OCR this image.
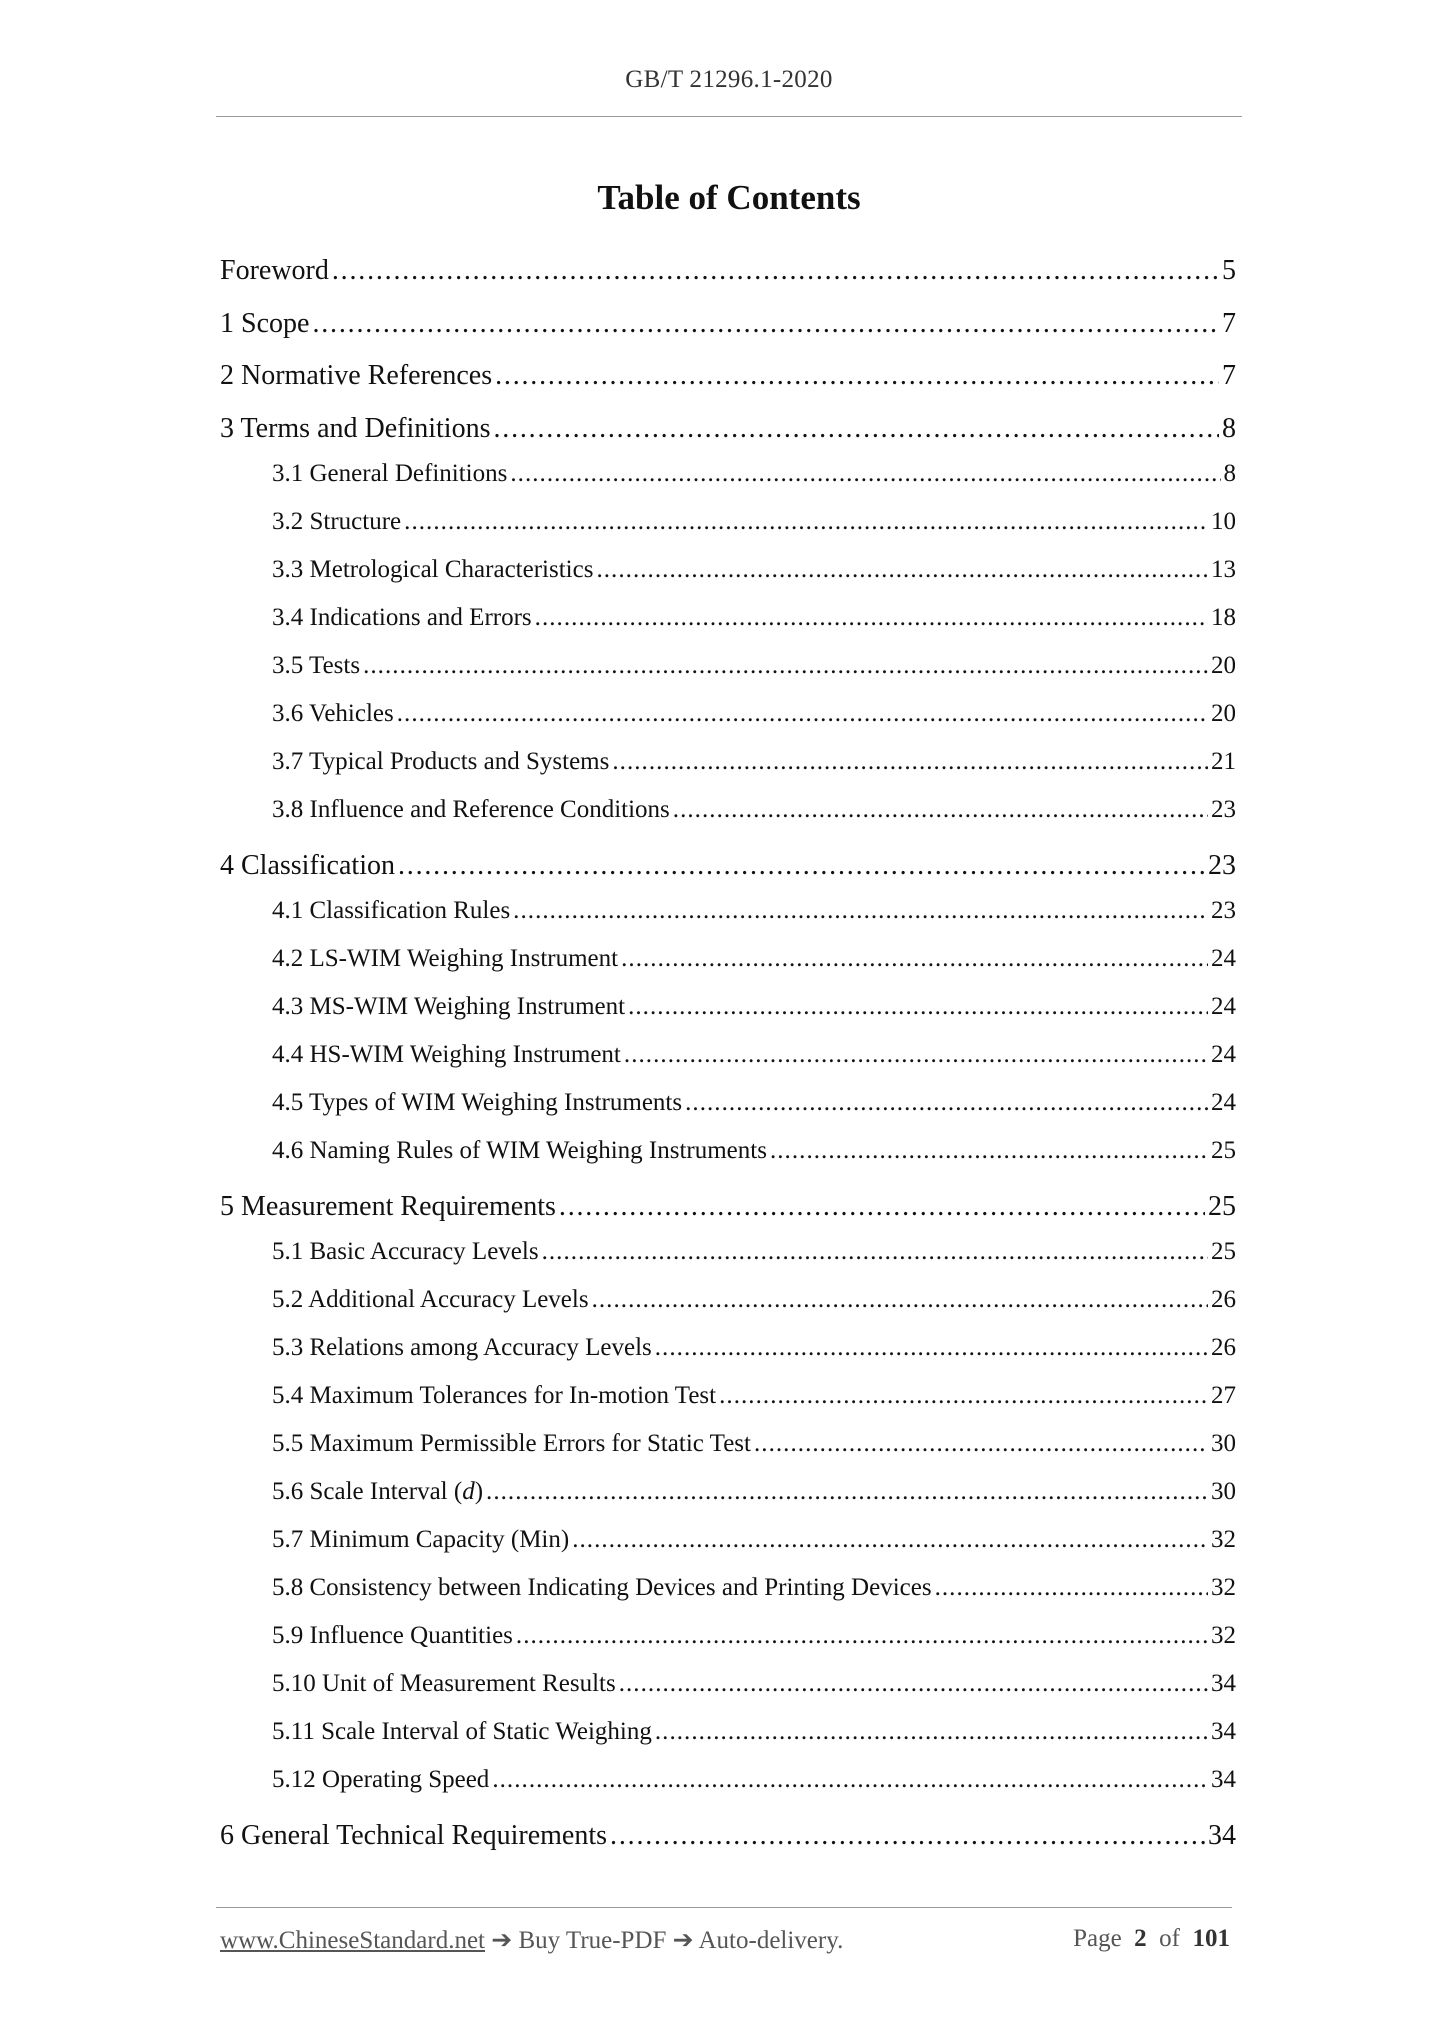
GB/T 21296.1-2020
Table of Contents
Foreword . . .	5
1 Scope . . .	7
2 Normative References . . .	7
3 Terms and Definitions . . .	8
3.1 General Definitions . . .	8
3.2 Structure . . .	10
3.3 Metrological Characteristics . . .	13
3.4 Indications and Errors . . .	18
3.5 Tests . . .	20
3.6 Vehicles . . .	20
3.7 Typical Products and Systems . . .	21
3.8 Influence and Reference Conditions . . .	23
4 Classification . . .	23
4.1 Classification Rules . . .	23
4.2 LS-WIM Weighing Instrument . . .	24
4.3 MS-WIM Weighing Instrument . . .	24
4.4 HS-WIM Weighing Instrument . . .	24
4.5 Types of WIM Weighing Instruments . . .	24
4.6 Naming Rules of WIM Weighing Instruments . . .	25
5 Measurement Requirements . . .	25
5.1 Basic Accuracy Levels . . .	25
5.2 Additional Accuracy Levels . . .	26
5.3 Relations among Accuracy Levels . . .	26
5.4 Maximum Tolerances for In-motion Test . . .	27
5.5 Maximum Permissible Errors for Static Test . . .	30
5.6 Scale Interval (d) . . .	30
5.7 Minimum Capacity (Min) . . .	32
5.8 Consistency between Indicating Devices and Printing Devices . . .	32
5.9 Influence Quantities . . .	32
5.10 Unit of Measurement Results . . .	34
5.11 Scale Interval of Static Weighing . . .	34
5.12 Operating Speed . . .	34
6 General Technical Requirements . . .	34
www.ChineseStandard.net ➔ Buy True-PDF ➔ Auto-delivery.	Page 2 of 101
